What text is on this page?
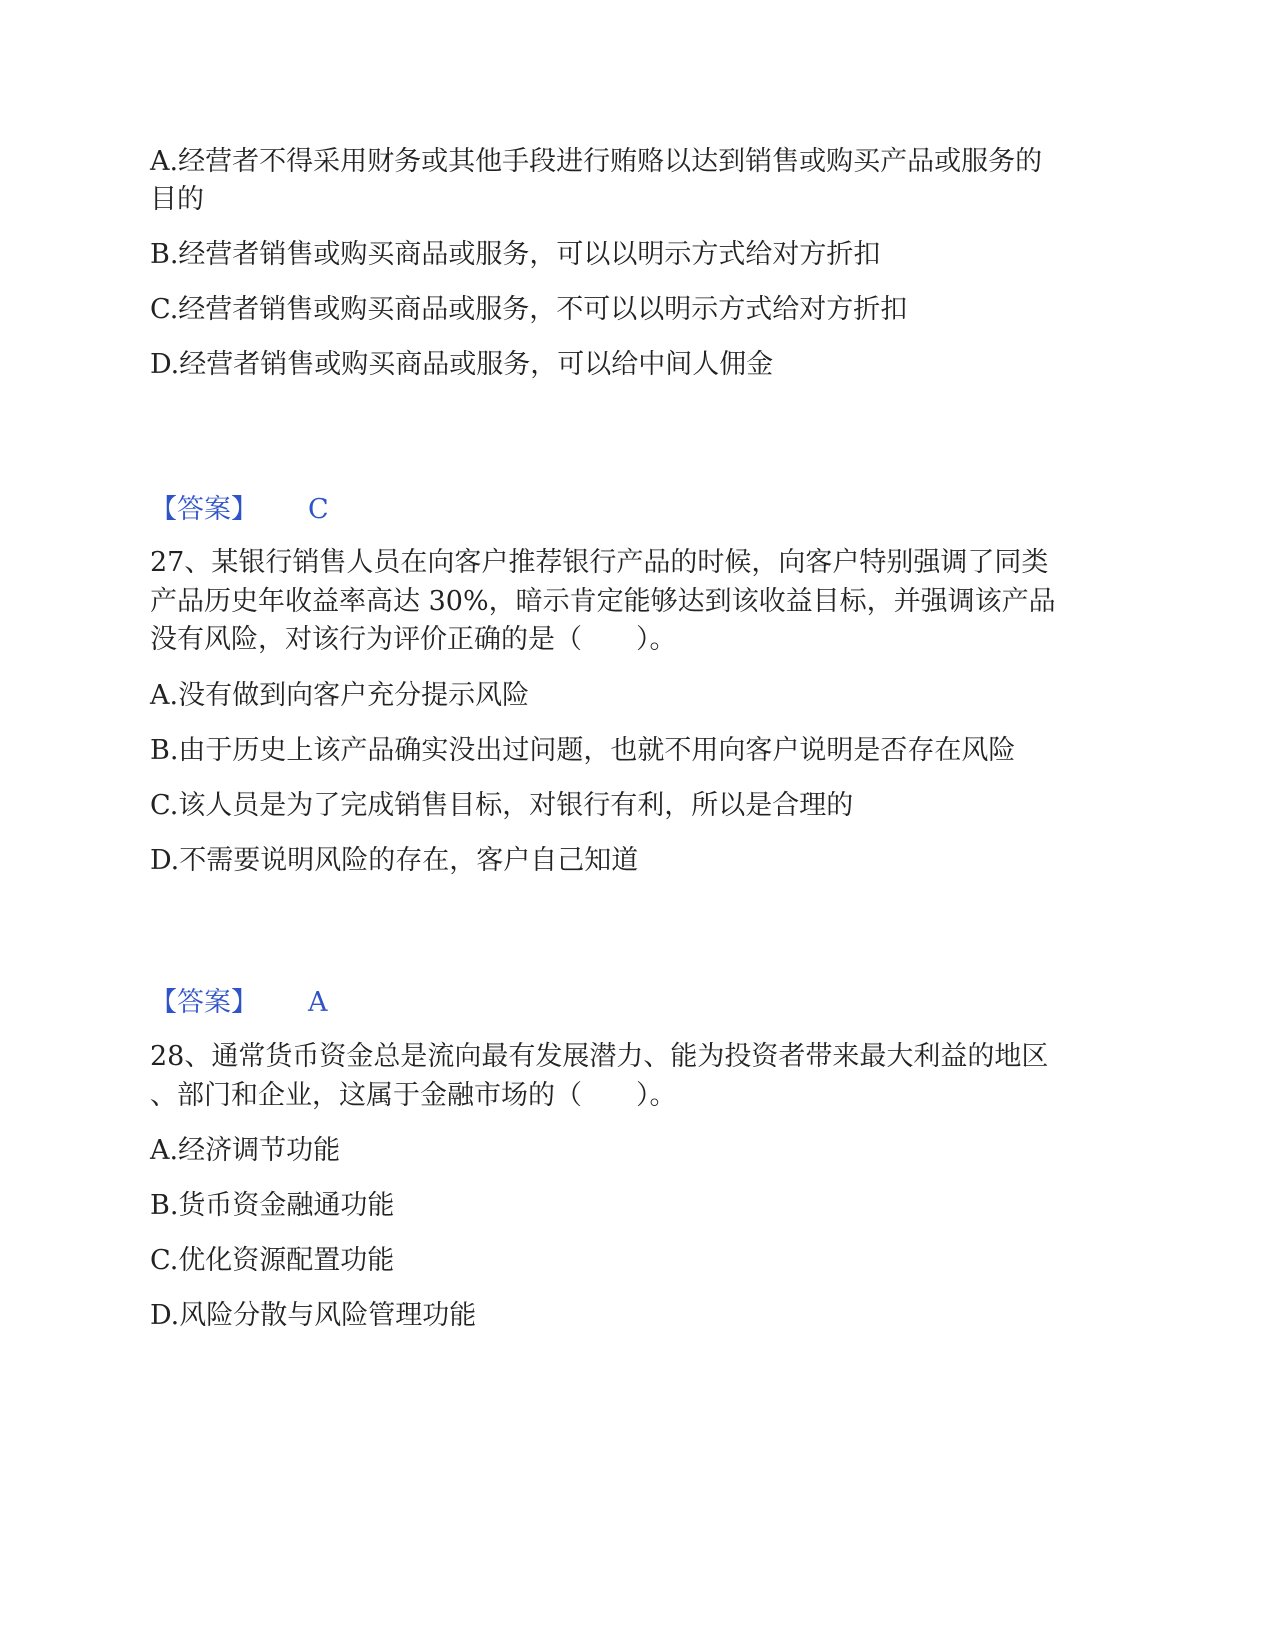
A.经营者不得采用财务或其他手段进行贿赂以达到销售或购买产品或服务的
目的
B.经营者销售或购买商品或服务，可以以明示方式给对方折扣
C.经营者销售或购买商品或服务，不可以以明示方式给对方折扣
D.经营者销售或购买商品或服务，可以给中间人佣金
【答案】 C
27、某银行销售人员在向客户推荐银行产品的时候，向客户特别强调了同类
产品历史年收益率高达 30%，暗示肯定能够达到该收益目标，并强调该产品
没有风险，对该行为评价正确的是（　　）。
A.没有做到向客户充分提示风险
B.由于历史上该产品确实没出过问题，也就不用向客户说明是否存在风险
C.该人员是为了完成销售目标，对银行有利，所以是合理的
D.不需要说明风险的存在，客户自己知道
【答案】 A
28、通常货币资金总是流向最有发展潜力、能为投资者带来最大利益的地区
、部门和企业，这属于金融市场的（　　）。
A.经济调节功能
B.货币资金融通功能
C.优化资源配置功能
D.风险分散与风险管理功能
